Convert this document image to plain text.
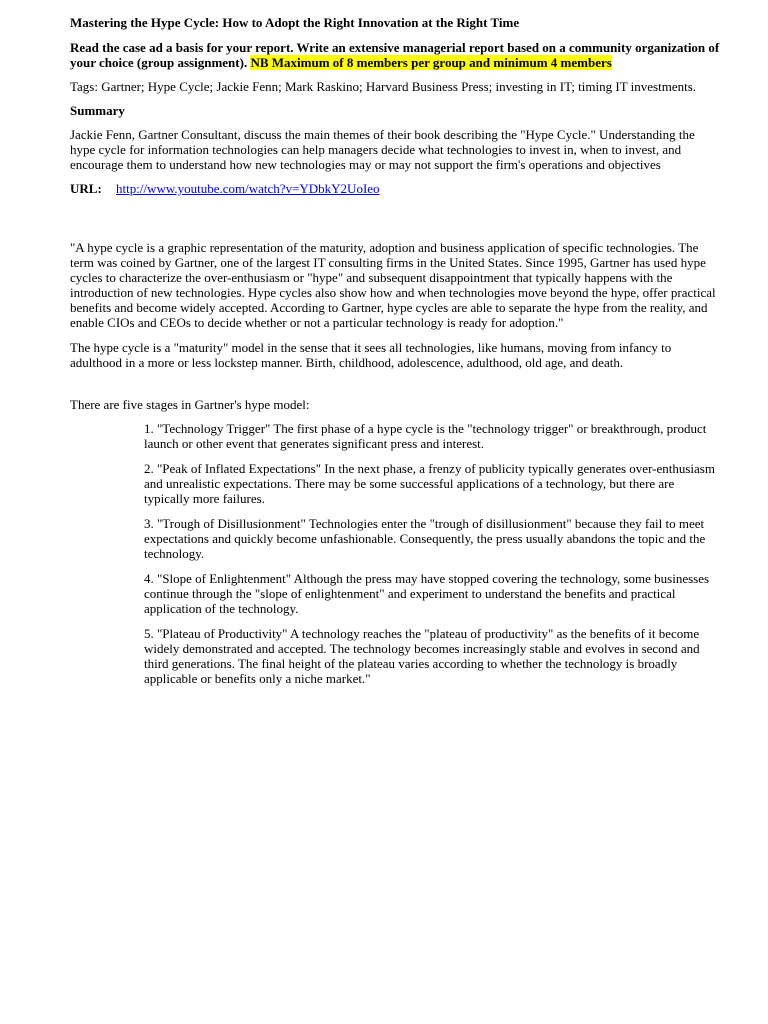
Mastering the Hype Cycle: How to Adopt the Right Innovation at the Right Time

Read the case ad a basis for your report. Write an extensive managerial report based on a community organization of your choice (group assignment). NB Maximum of 8 members per group and minimum 4 members

Tags: Gartner; Hype Cycle; Jackie Fenn; Mark Raskino; Harvard Business Press; investing in IT; timing IT investments.

Summary

Jackie Fenn, Gartner Consultant, discuss the main themes of their book describing the "Hype Cycle." Understanding the hype cycle for information technologies can help managers decide what technologies to invest in, when to invest, and encourage them to understand how new technologies may or may not support the firm's operations and objectives

URL: http://www.youtube.com/watch?v=YDbkY2UoIeo

"A hype cycle is a graphic representation of the maturity, adoption and business application of specific technologies. The term was coined by Gartner, one of the largest IT consulting firms in the United States. Since 1995, Gartner has used hype cycles to characterize the over-enthusiasm or "hype" and subsequent disappointment that typically happens with the introduction of new technologies. Hype cycles also show how and when technologies move beyond the hype, offer practical benefits and become widely accepted. According to Gartner, hype cycles are able to separate the hype from the reality, and enable CIOs and CEOs to decide whether or not a particular technology is ready for adoption."

The hype cycle is a "maturity" model in the sense that it sees all technologies, like humans, moving from infancy to adulthood in a more or less lockstep manner. Birth, childhood, adolescence, adulthood, old age, and death.

There are five stages in Gartner's hype model:

1. "Technology Trigger" The first phase of a hype cycle is the "technology trigger" or breakthrough, product launch or other event that generates significant press and interest.
2. "Peak of Inflated Expectations" In the next phase, a frenzy of publicity typically generates over-enthusiasm and unrealistic expectations. There may be some successful applications of a technology, but there are typically more failures.
3. "Trough of Disillusionment" Technologies enter the "trough of disillusionment" because they fail to meet expectations and quickly become unfashionable. Consequently, the press usually abandons the topic and the technology.
4. "Slope of Enlightenment" Although the press may have stopped covering the technology, some businesses continue through the "slope of enlightenment" and experiment to understand the benefits and practical application of the technology.
5. "Plateau of Productivity" A technology reaches the "plateau of productivity" as the benefits of it become widely demonstrated and accepted. The technology becomes increasingly stable and evolves in second and third generations. The final height of the plateau varies according to whether the technology is broadly applicable or benefits only a niche market."
